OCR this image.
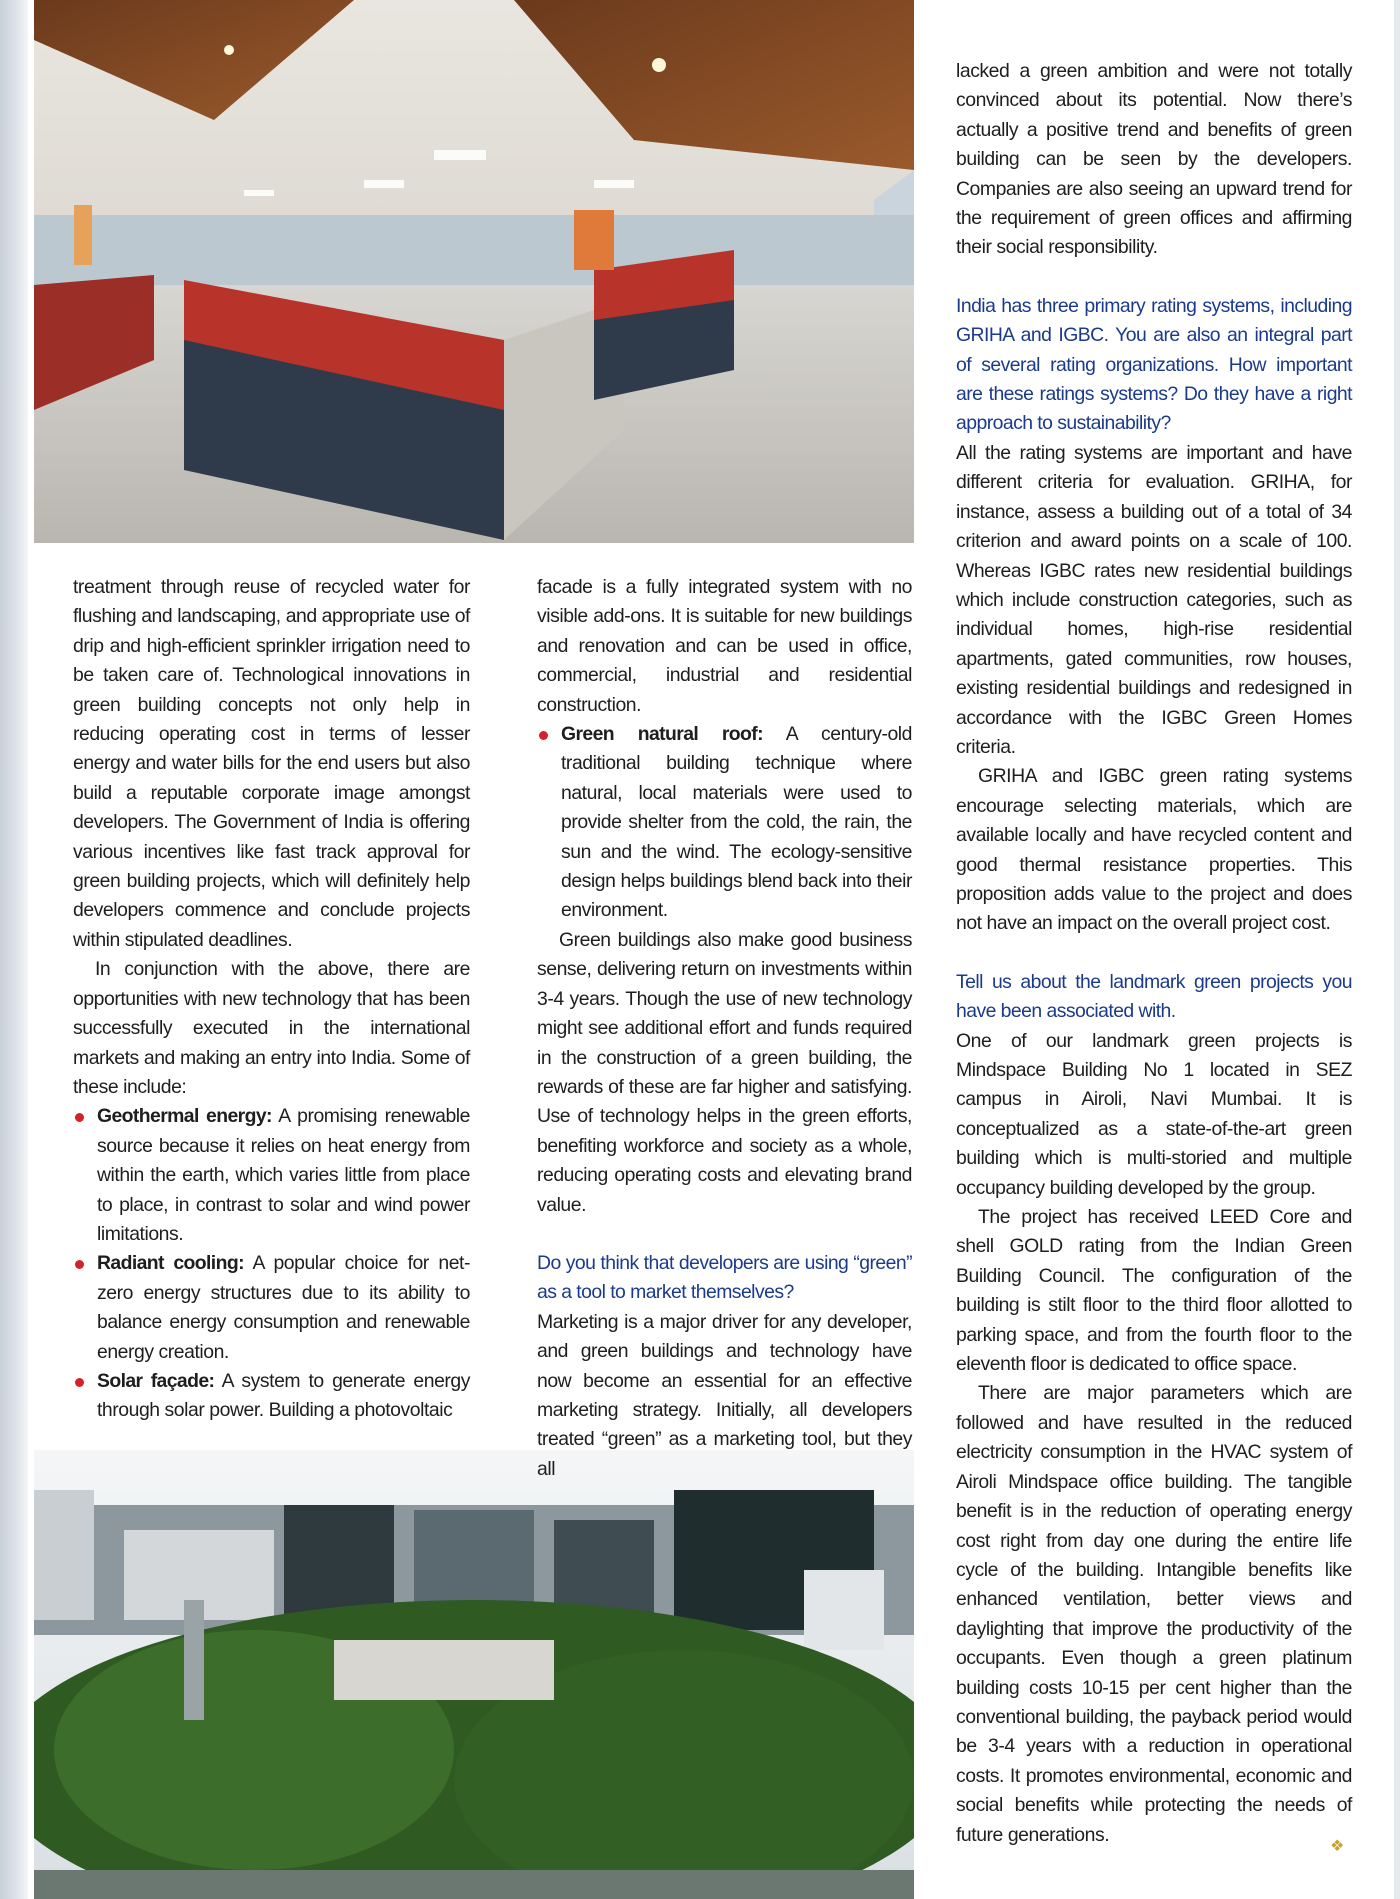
treatment through reuse of recycled water for flushing and landscaping, and appropriate use of drip and high-efficient sprinkler irrigation need to be taken care of. Technological innovations in green building concepts not only help in reducing operating cost in terms of lesser energy and water bills for the end users but also build a reputable corporate image amongst developers. The Government of India is offering various incentives like fast track approval for green building projects, which will definitely help developers commence and conclude projects within stipulated deadlines.

In conjunction with the above, there are opportunities with new technology that has been successfully executed in the international markets and making an entry into India. Some of these include:

Geothermal energy: A promising renewable source because it relies on heat energy from within the earth, which varies little from place to place, in contrast to solar and wind power limitations.
Radiant cooling: A popular choice for net-zero energy structures due to its ability to balance energy consumption and renewable energy creation.
Solar façade: A system to generate energy through solar power. Building a photovoltaic

facade is a fully integrated system with no visible add-ons. It is suitable for new buildings and renovation and can be used in office, commercial, industrial and residential construction.

Green natural roof: A century-old traditional building technique where natural, local materials were used to provide shelter from the cold, the rain, the sun and the wind. The ecology-sensitive design helps buildings blend back into their environment.

Green buildings also make good business sense, delivering return on investments within 3-4 years. Though the use of new technology might see additional effort and funds required in the construction of a green building, the rewards of these are far higher and satisfying. Use of technology helps in the green efforts, benefiting workforce and society as a whole, reducing operating costs and elevating brand value.

Do you think that developers are using “green” as a tool to market themselves?

Marketing is a major driver for any developer, and green buildings and technology have now become an essential for an effective marketing strategy. Initially, all developers treated “green” as a marketing tool, but they all

lacked a green ambition and were not totally convinced about its potential. Now there’s actually a positive trend and benefits of green building can be seen by the developers. Companies are also seeing an upward trend for the requirement of green offices and affirming their social responsibility.

India has three primary rating systems, including GRIHA and IGBC. You are also an integral part of several rating organizations. How important are these ratings systems? Do they have a right approach to sustainability?

All the rating systems are important and have different criteria for evaluation. GRIHA, for instance, assess a building out of a total of 34 criterion and award points on a scale of 100. Whereas IGBC rates new residential buildings which include construction categories, such as individual homes, high-rise residential apartments, gated communities, row houses, existing residential buildings and redesigned in accordance with the IGBC Green Homes criteria.

GRIHA and IGBC green rating systems encourage selecting materials, which are available locally and have recycled content and good thermal resistance properties. This proposition adds value to the project and does not have an impact on the overall project cost.

Tell us about the landmark green projects you have been associated with.

One of our landmark green projects is Mindspace Building No 1 located in SEZ campus in Airoli, Navi Mumbai. It is conceptualized as a state-of-the-art green building which is multi-storied and multiple occupancy building developed by the group.

The project has received LEED Core and shell GOLD rating from the Indian Green Building Council. The configuration of the building is stilt floor to the third floor allotted to parking space, and from the fourth floor to the eleventh floor is dedicated to office space.

There are major parameters which are followed and have resulted in the reduced electricity consumption in the HVAC system of Airoli Mindspace office building. The tangible benefit is in the reduction of operating energy cost right from day one during the entire life cycle of the building. Intangible benefits like enhanced ventilation, better views and daylighting that improve the productivity of the occupants. Even though a green platinum building costs 10-15 per cent higher than the conventional building, the payback period would be 3-4 years with a reduction in operational costs. It promotes environmental, economic and social benefits while protecting the needs of future generations.

❖
